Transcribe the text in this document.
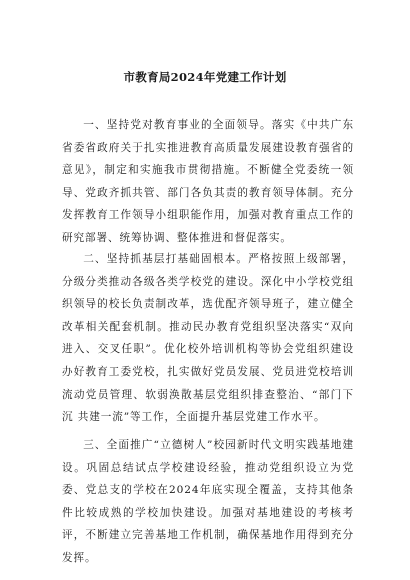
市教育局2024年党建工作计划

一、坚持党对教育事业的全面领导。落实《中共广东省委省政府关于扎实推进教育高质量发展建设教育强省的意见》，制定和实施我市贯彻措施。不断健全党委统一领导、党政齐抓共管、部门各负其责的教育领导体制。充分发挥教育工作领导小组职能作用，加强对教育重点工作的研究部署、统筹协调、整体推进和督促落实。

二、坚持抓基层打基础固根本。严格按照上级部署，分级分类推动各级各类学校党的建设。深化中小学校党组织领导的校长负责制改革，选优配齐领导班子，建立健全改革相关配套机制。推动民办教育党组织坚决落实“双向进入、交叉任职”。优化校外培训机构等协会党组织建设办好教育工委党校，扎实做好党员发展、党员进党校培训流动党员管理、软弱涣散基层党组织排查整治、“部门下沉 共建一流”等工作，全面提升基层党建工作水平。

三、全面推广“立德树人”校园新时代文明实践基地建设。巩固总结试点学校建设经验，推动党组织设立为党委、党总支的学校在2024年底实现全覆盖，支持其他条件比较成熟的学校加快建设。加强对基地建设的考核考评，不断建立完善基地工作机制，确保基地作用得到充分发挥。
